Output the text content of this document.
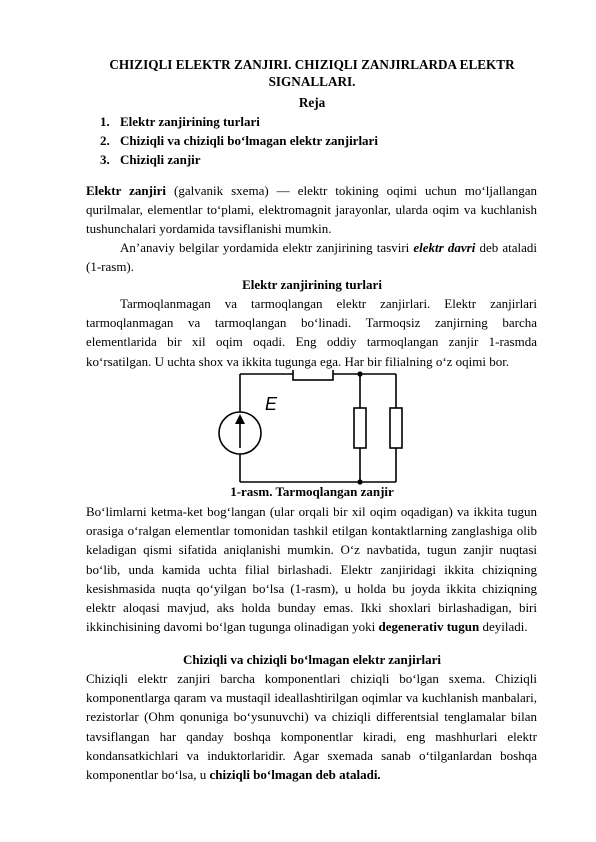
CHIZIQLI ELEKTR ZANJIRI. CHIZIQLI ZANJIRLARDA ELEKTR SIGNALLARI.
Reja
1. Elektr zanjirining turlari
2. Chiziqli va chiziqli bo‘lmagan elektr zanjirlari
3. Chiziqli zanjir

Elektr zanjiri (galvanik sxema) — elektr tokining oqimi uchun mo‘ljallangan qurilmalar, elementlar to‘plami, elektromagnit jarayonlar, ularda oqim va kuchlanish tushunchalari yordamida tavsiflanishi mumkin.

An’anaviy belgilar yordamida elektr zanjirining tasviri elektr davri deb ataladi (1-rasm).

Elektr zanjirining turlari

Tarmoqlanmagan va tarmoqlangan elektr zanjirlari. Elektr zanjirlari tarmoqlanmagan va tarmoqlangan bo‘linadi. Tarmoqsiz zanjirning barcha elementlarida bir xil oqim oqadi. Eng oddiy tarmoqlangan zanjir 1-rasmda ko‘rsatilgan. U uchta shox va ikkita tugunga ega. Har bir filialning o‘z oqimi bor.

E

1-rasm. Tarmoqlangan zanjir

Bo‘limlarni ketma-ket bog‘langan (ular orqali bir xil oqim oqadigan) va ikkita tugun orasiga o‘ralgan elementlar tomonidan tashkil etilgan kontaktlarning zanglashiga olib keladigan qismi sifatida aniqlanishi mumkin. O‘z navbatida, tugun zanjir nuqtasi bo‘lib, unda kamida uchta filial birlashadi. Elektr zanjiridagi ikkita chiziqning kesishmasida nuqta qo‘yilgan bo‘lsa (1-rasm), u holda bu joyda ikkita chiziqning elektr aloqasi mavjud, aks holda bunday emas. Ikki shoxlari birlashadigan, biri ikkinchisining davomi bo‘lgan tugunga olinadigan yoki degenerativ tugun deyiladi.

Chiziqli va chiziqli bo‘lmagan elektr zanjirlari

Chiziqli elektr zanjiri barcha komponentlari chiziqli bo‘lgan sxema. Chiziqli komponentlarga qaram va mustaqil ideallashtirilgan oqimlar va kuchlanish manbalari, rezistorlar (Ohm qonuniga bo‘ysunuvchi) va chiziqli differentsial tenglamalar bilan tavsiflangan har qanday boshqa komponentlar kiradi, eng mashhurlari elektr kondansatkichlari va induktorlaridir. Agar sxemada sanab o‘tilganlardan boshqa komponentlar bo‘lsa, u chiziqli bo‘lmagan deb ataladi.
